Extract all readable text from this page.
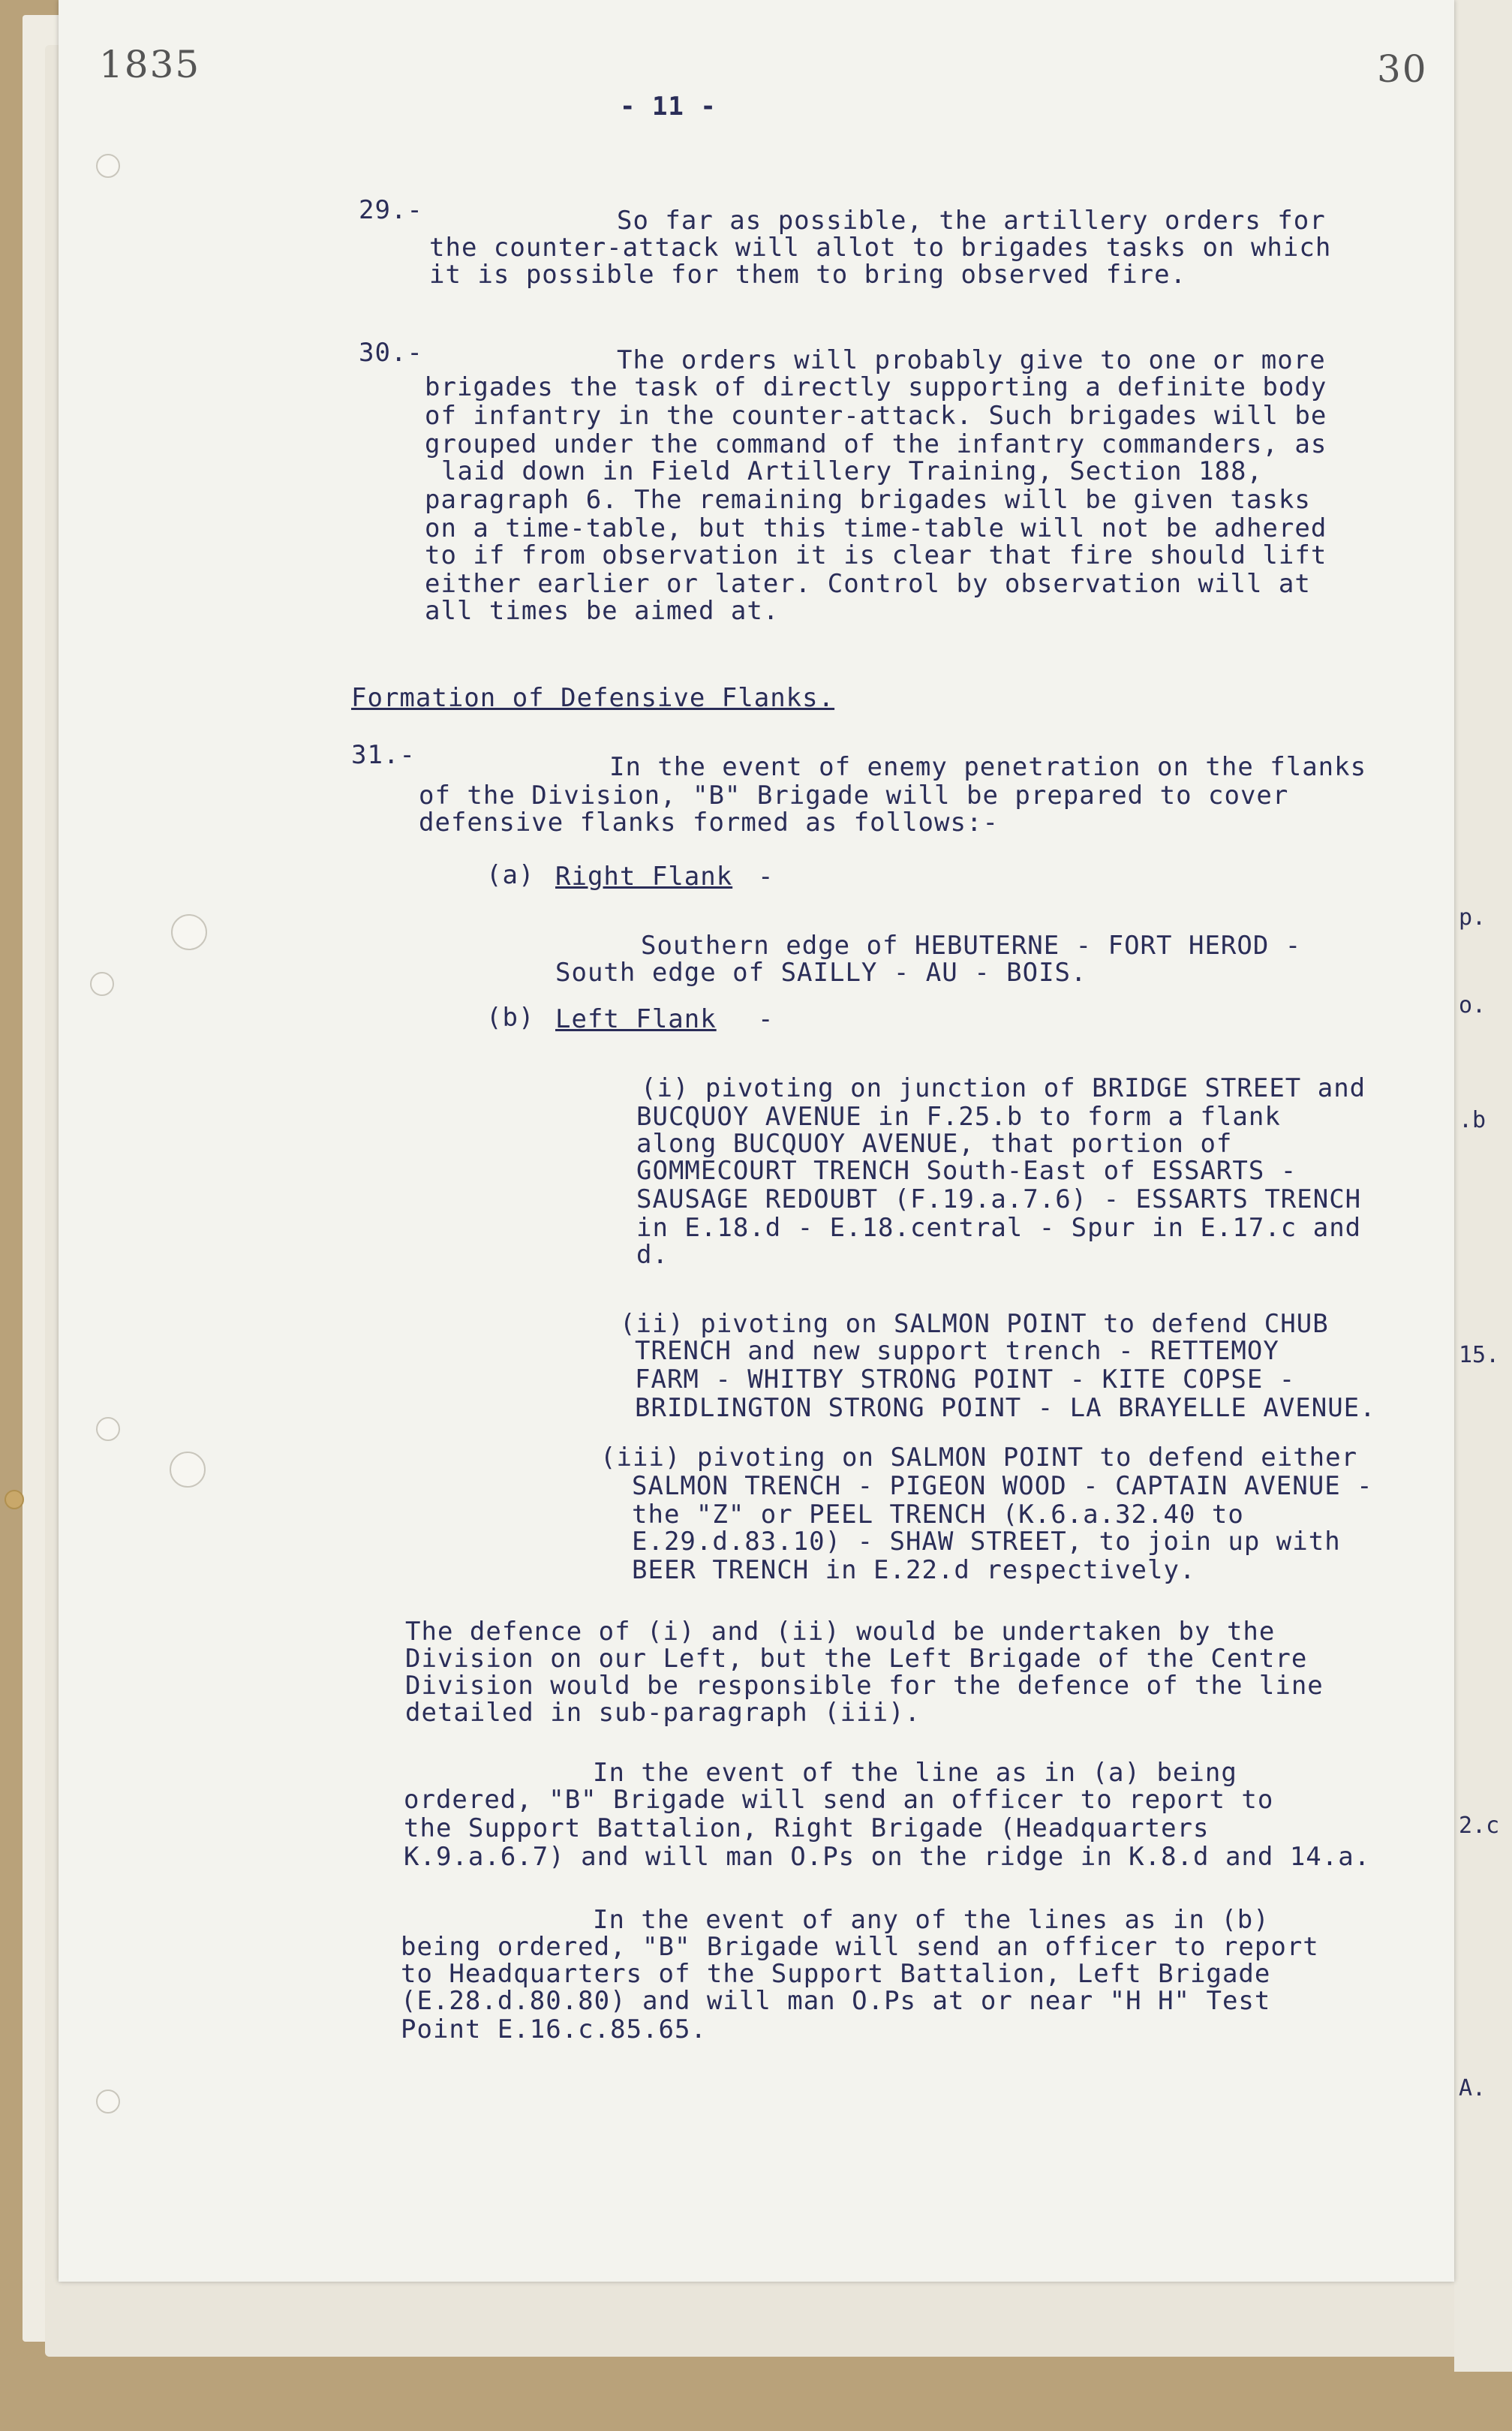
p.
o.
.b
15.
2.c
A.
1835
- 11 -
30
29.-	So far as possible, the artillery orders for
the counter-attack will allot to brigades tasks on which
it is possible for them to bring observed fire.
30.-	The orders will probably give to one or more
brigades the task of directly supporting a definite body
of infantry in the counter-attack. Such brigades will be
grouped under the command of the infantry commanders, as
laid down in Field Artillery Training, Section 188,
paragraph 6. The remaining brigades will be given tasks
on a time-table, but this time-table will not be adhered
to if from observation it is clear that fire should lift
either earlier or later. Control by observation will at
all times be aimed at.
Formation of Defensive Flanks.
31.-	In the event of enemy penetration on the flanks
of the Division, "B" Brigade will be prepared to cover
defensive flanks formed as follows:-
(a) Right Flank -
Southern edge of HEBUTERNE - FORT HEROD -
South edge of SAILLY - AU - BOIS.
(b) Left Flank -
(i) pivoting on junction of BRIDGE STREET and
BUCQUOY AVENUE in F.25.b to form a flank
along BUCQUOY AVENUE, that portion of
GOMMECOURT TRENCH South-East of ESSARTS -
SAUSAGE REDOUBT (F.19.a.7.6) - ESSARTS TRENCH
in E.18.d - E.18.central - Spur in E.17.c and
d.
(ii) pivoting on SALMON POINT to defend CHUB
TRENCH and new support trench - RETTEMOY
FARM - WHITBY STRONG POINT - KITE COPSE -
BRIDLINGTON STRONG POINT - LA BRAYELLE AVENUE.
(iii) pivoting on SALMON POINT to defend either
SALMON TRENCH - PIGEON WOOD - CAPTAIN AVENUE -
the "Z" or PEEL TRENCH (K.6.a.32.40 to
E.29.d.83.10) - SHAW STREET, to join up with
BEER TRENCH in E.22.d respectively.
The defence of (i) and (ii) would be undertaken by the
Division on our Left, but the Left Brigade of the Centre
Division would be responsible for the defence of the line
detailed in sub-paragraph (iii).
In the event of the line as in (a) being
ordered, "B" Brigade will send an officer to report to
the Support Battalion, Right Brigade (Headquarters
K.9.a.6.7) and will man O.Ps on the ridge in K.8.d and 14.a.
In the event of any of the lines as in (b)
being ordered, "B" Brigade will send an officer to report
to Headquarters of the Support Battalion, Left Brigade
(E.28.d.80.80) and will man O.Ps at or near "H H" Test
Point E.16.c.85.65.
